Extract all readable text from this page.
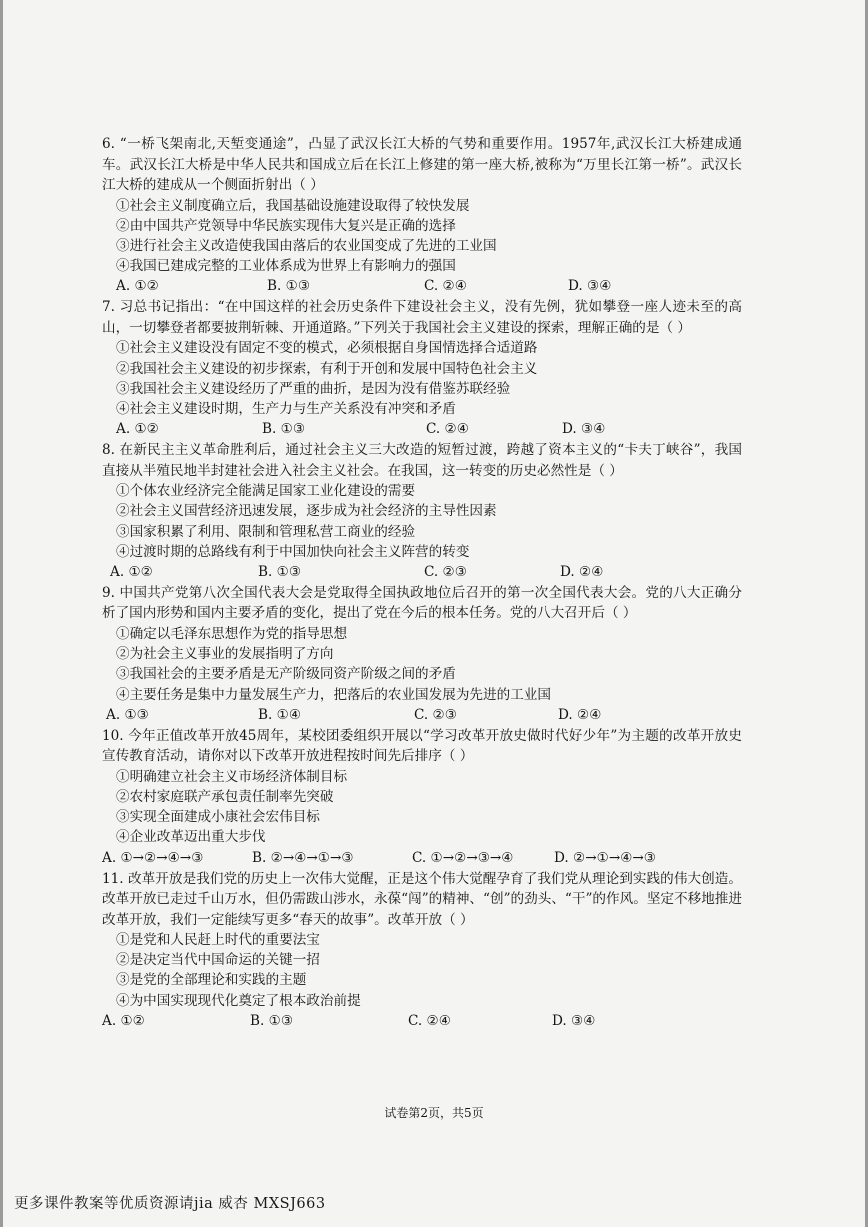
6. “一桥飞架南北,天堑变通途”，凸显了武汉长江大桥的气势和重要作用。1957年,武汉长江大桥建成通车。武汉长江大桥是中华人民共和国成立后在长江上修建的第一座大桥,被称为“万里长江第一桥”。武汉长江大桥的建成从一个侧面折射出（ ）

①社会主义制度确立后，我国基础设施建设取得了较快发展

②由中国共产党领导中华民族实现伟大复兴是正确的选择

③进行社会主义改造使我国由落后的农业国变成了先进的工业国

④我国已建成完整的工业体系成为世界上有影响力的强国

A. ①②	B. ①③	C. ②④	D. ③④

7. 习总书记指出：“在中国这样的社会历史条件下建设社会主义，没有先例，犹如攀登一座人迹未至的高山，一切攀登者都要披荆斩棘、开通道路。”下列关于我国社会主义建设的探索，理解正确的是（ ）

①社会主义建设没有固定不变的模式，必须根据自身国情选择合适道路

②我国社会主义建设的初步探索，有利于开创和发展中国特色社会主义

③我国社会主义建设经历了严重的曲折，是因为没有借鉴苏联经验

④社会主义建设时期，生产力与生产关系没有冲突和矛盾

A. ①②	B. ①③	C. ②④	D. ③④

8. 在新民主主义革命胜利后，通过社会主义三大改造的短暂过渡，跨越了资本主义的“卡夫丁峡谷”，我国直接从半殖民地半封建社会进入社会主义社会。在我国，这一转变的历史必然性是（ ）

①个体农业经济完全能满足国家工业化建设的需要

②社会主义国营经济迅速发展，逐步成为社会经济的主导性因素

③国家积累了利用、限制和管理私营工商业的经验

④过渡时期的总路线有利于中国加快向社会主义阵营的转变

A. ①②	B. ①③	C. ②③	D. ②④

9. 中国共产党第八次全国代表大会是党取得全国执政地位后召开的第一次全国代表大会。党的八大正确分析了国内形势和国内主要矛盾的变化，提出了党在今后的根本任务。党的八大召开后（ ）

①确定以毛泽东思想作为党的指导思想

②为社会主义事业的发展指明了方向

③我国社会的主要矛盾是无产阶级同资产阶级之间的矛盾

④主要任务是集中力量发展生产力，把落后的农业国发展为先进的工业国

A. ①③	B. ①④	C. ②③	D. ②④

10. 今年正值改革开放45周年，某校团委组织开展以“学习改革开放史做时代好少年”为主题的改革开放史宣传教育活动，请你对以下改革开放进程按时间先后排序（ ）

①明确建立社会主义市场经济体制目标

②农村家庭联产承包责任制率先突破

③实现全面建成小康社会宏伟目标

④企业改革迈出重大步伐

A. ①→②→④→③	B. ②→④→①→③	C. ①→②→③→④	D. ②→①→④→③

11. 改革开放是我们党的历史上一次伟大觉醒，正是这个伟大觉醒孕育了我们党从理论到实践的伟大创造。改革开放已走过千山万水，但仍需跋山涉水，永葆“闯”的精神、“创”的劲头、“干”的作风。坚定不移地推进改革开放，我们一定能续写更多“春天的故事”。改革开放（ ）

①是党和人民赶上时代的重要法宝

②是决定当代中国命运的关键一招

③是党的全部理论和实践的主题

④为中国实现现代化奠定了根本政治前提

A. ①②	B. ①③	C. ②④	D. ③④
试卷第2页，共5页
更多课件教案等优质资源请jia 威杏 MXSJ663
